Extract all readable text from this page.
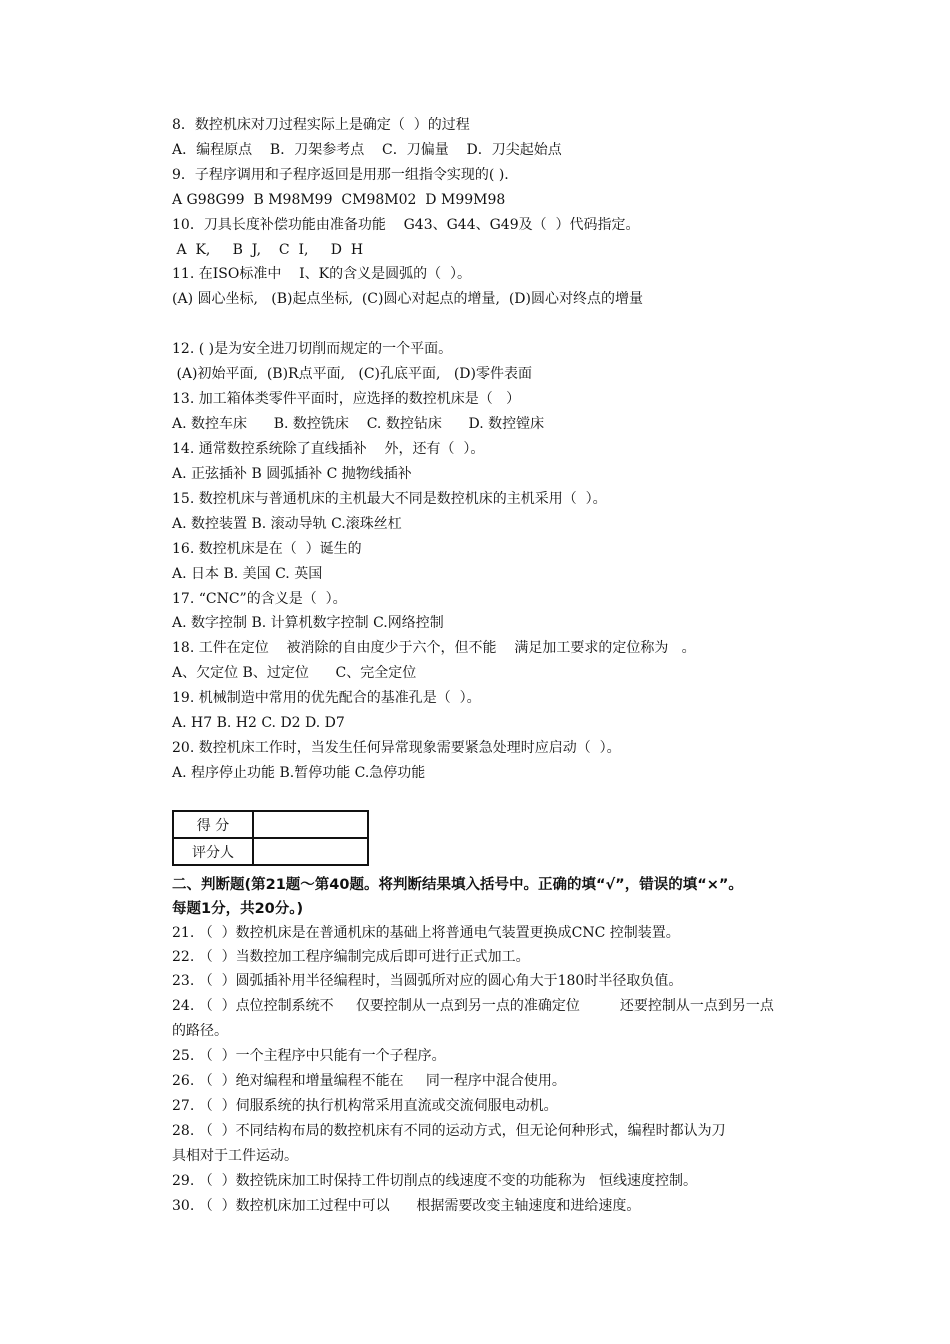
8．数控机床对刀过程实际上是确定（  ）的过程
A．编程原点    B．刀架参考点    C．刀偏量    D．刀尖起始点
9．子程序调用和子程序返回是用那一组指令实现的( ).
A G98G99  B M98M99  CM98M02  D M99M98
10．刀具长度补偿功能由准备功能    G43、G44、G49及（  ）代码指定。
A  K,     B  J,    C  I,     D  H
11. 在ISO标准中    I、K的含义是圆弧的（  ）。
(A) 圆心坐标,   (B)起点坐标,  (C)圆心对起点的增量,  (D)圆心对终点的增量
12. ( )是为安全进刀切削而规定的一个平面。
(A)初始平面,  (B)R点平面,   (C)孔底平面,   (D)零件表面
13. 加工箱体类零件平面时，应选择的数控机床是（   ）
A. 数控车床      B. 数控铣床    C. 数控钻床      D. 数控镗床
14. 通常数控系统除了直线插补    外，还有（  ）。
A. 正弦插补 B 圆弧插补 C 抛物线插补
15. 数控机床与普通机床的主机最大不同是数控机床的主机采用（  ）。
A. 数控装置 B. 滚动导轨 C.滚珠丝杠
16. 数控机床是在（  ）诞生的
A. 日本 B. 美国 C. 英国
17. “CNC”的含义是（  ）。
A. 数字控制 B. 计算机数字控制 C.网络控制
18. 工件在定位    被消除的自由度少于六个，但不能    满足加工要求的定位称为   。
A、欠定位 B、过定位      C、完全定位
19. 机械制造中常用的优先配合的基准孔是（  ）。
A. H7 B. H2 C. D2 D. D7
20. 数控机床工作时，当发生任何异常现象需要紧急处理时应启动（  ）。
A. 程序停止功能 B.暂停功能 C.急停功能
得 分	
评分人	
二、判断题(第21题～第40题。将判断结果填入括号中。正确的填“√”，错误的填“×”。
每题1分，共20分。)
21. （  ）数控机床是在普通机床的基础上将普通电气装置更换成CNC 控制装置。
22. （  ）当数控加工程序编制完成后即可进行正式加工。
23. （  ）圆弧插补用半径编程时，当圆弧所对应的圆心角大于180时半径取负值。
24. （  ）点位控制系统不     仅要控制从一点到另一点的准确定位         还要控制从一点到另一点
的路径。
25. （  ）一个主程序中只能有一个子程序。
26. （  ）绝对编程和增量编程不能在     同一程序中混合使用。
27. （  ）伺服系统的执行机构常采用直流或交流伺服电动机。
28. （  ）不同结构布局的数控机床有不同的运动方式，但无论何种形式，编程时都认为刀
具相对于工件运动。
29. （  ）数控铣床加工时保持工件切削点的线速度不变的功能称为   恒线速度控制。
30. （  ）数控机床加工过程中可以      根据需要改变主轴速度和进给速度。
